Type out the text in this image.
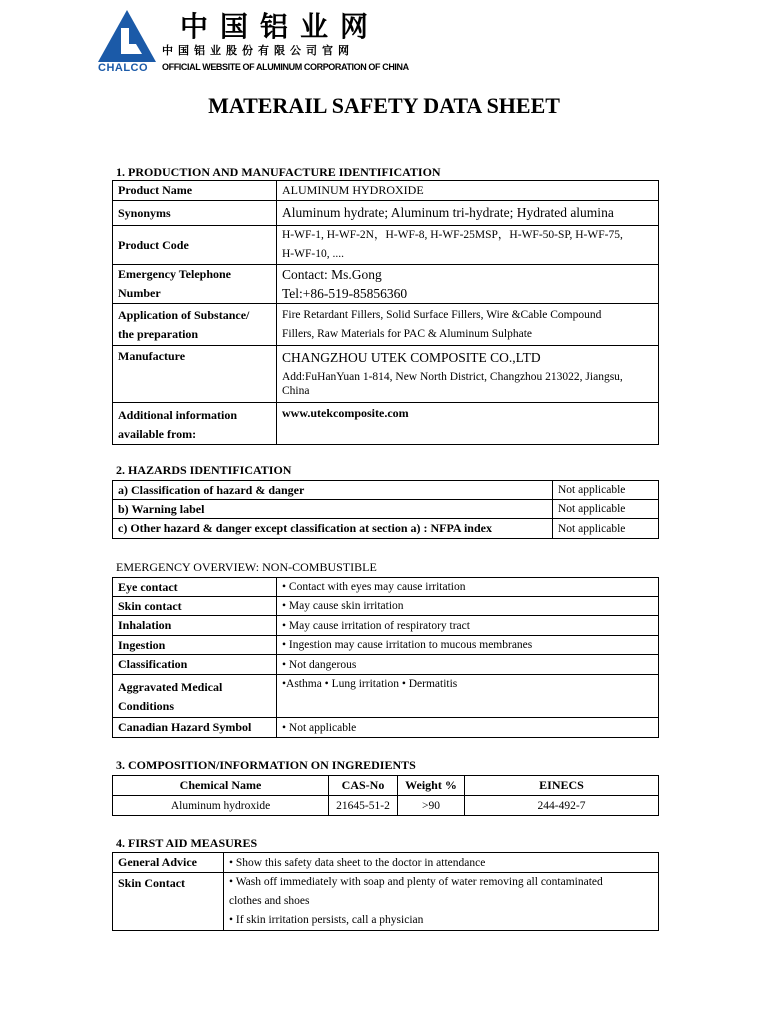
CHALCO
中国铝业网
中国铝业股份有限公司官网
OFFICIAL WEBSITE OF ALUMINUM CORPORATION OF CHINA
MATERAIL SAFETY DATA SHEET
1. PRODUCTION AND MANUFACTURE IDENTIFICATION
Product Name	ALUMINUM HYDROXIDE
Synonyms	Aluminum hydrate; Aluminum tri-hydrate; Hydrated alumina
Product Code	H-WF-1, H-WF-2N，H-WF-8, H-WF-25MSP，H-WF-50-SP, H-WF-75,
H-WF-10, ....

Emergency Telephone
Number	Contact: Ms.Gong
Tel:+86-519-85856360

Application of Substance/
the preparation	Fire Retardant Fillers, Solid Surface Fillers, Wire &Cable Compound
Fillers, Raw Materials for PAC & Aluminum Sulphate

Manufacture	CHANGZHOU UTEK COMPOSITE CO.,LTD
Add:FuHanYuan 1-814, New North District, Changzhou 213022, Jiangsu,
China

Additional information
available from:	www.utekcomposite.com
2. HAZARDS IDENTIFICATION
a) Classification of hazard & danger	Not applicable
b) Warning label	Not applicable
c) Other hazard & danger except classification at section a) : NFPA index	Not applicable
EMERGENCY OVERVIEW: NON-COMBUSTIBLE
Eye contact	• Contact with eyes may cause irritation
Skin contact	• May cause skin irritation
Inhalation	• May cause irritation of respiratory tract
Ingestion	• Ingestion may cause irritation to mucous membranes
Classification	• Not dangerous

Aggravated Medical
Conditions	•Asthma • Lung irritation • Dermatitis
Canadian Hazard Symbol	• Not applicable
3. COMPOSITION/INFORMATION ON INGREDIENTS
Chemical Name	CAS-No	Weight %	EINECS
Aluminum hydroxide	21645-51-2	>90	244-492-7
4. FIRST AID MEASURES
General Advice	• Show this safety data sheet to the doctor in attendance
Skin Contact	• Wash off immediately with soap and plenty of water removing all contaminated
clothes and shoes
• If skin irritation persists, call a physician
